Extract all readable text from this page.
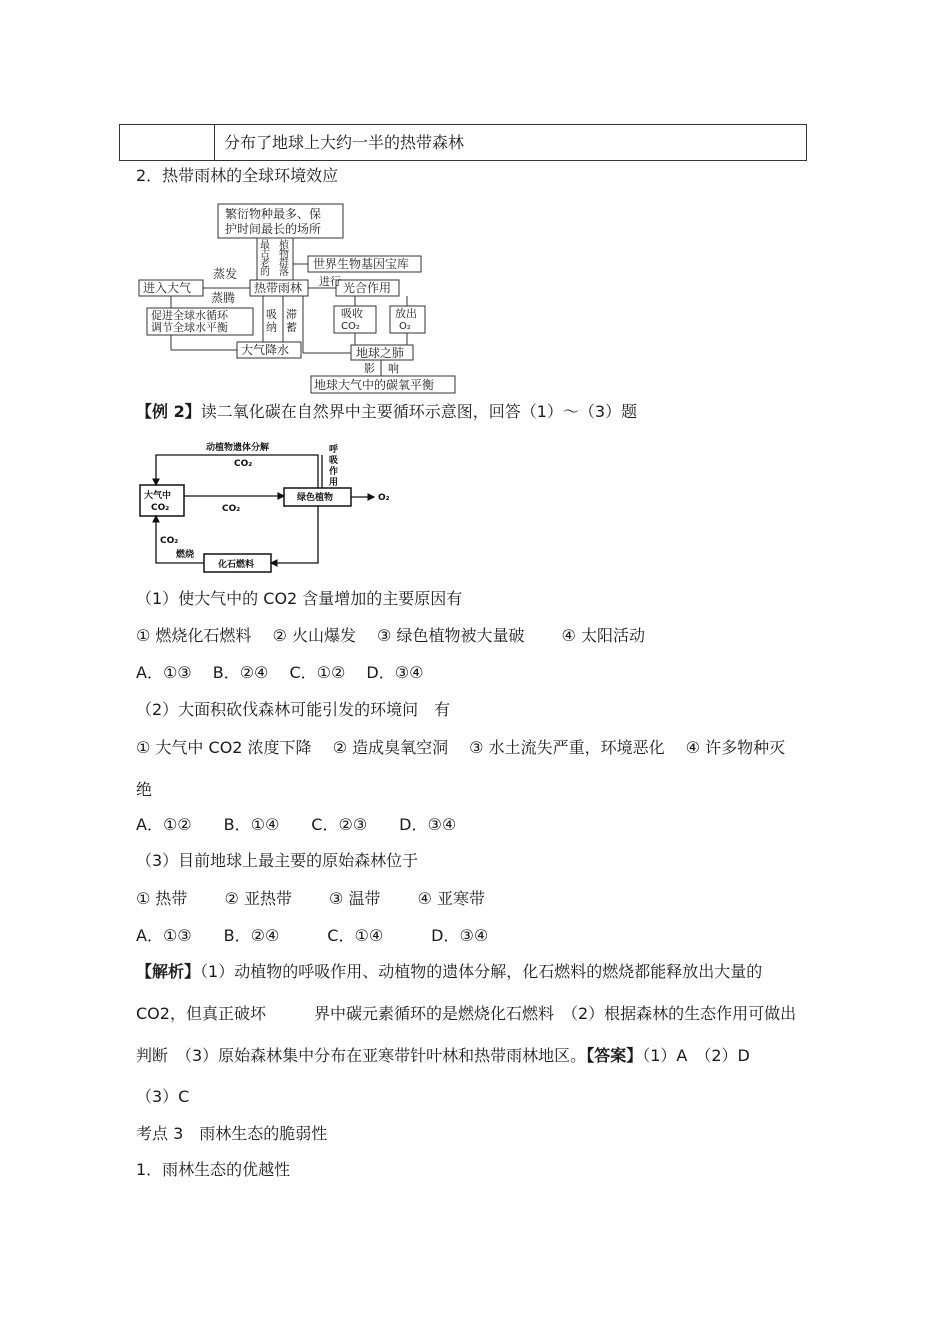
分布了地球上大约一半的热带森林
2．热带雨林的全球环境效应
繁衍物种最多、保
护时间最长的场所
最
古
老
的
植
物
群
落
世界生物基因宝库
蒸发
蒸腾
进入大气	热带雨林 进行 光合作用
促进全球水循环
调节全球水平衡
吸
纳
滞
蓄
吸收
CO₂
放出
O₂
大气降水	地球之肺
影 响
地球大气中的碳氧平衡
【例 2】读二氧化碳在自然界中主要循环示意图，回答（1）～（3）题
动植物遗体分解
CO₂
呼
吸
作
用
大气中
CO₂	CO₂
绿色植物	O₂
CO₂
燃烧
化石燃料
（1）使大气中的 CO2 含量增加的主要原因有
① 燃烧化石燃料　 ② 火山爆发　 ③ 绿色植物被大量破　　 ④ 太阳活动
A．①③　 B．②④　 C．①②　 D．③④
（2）大面积砍伐森林可能引发的环境问　有
① 大气中 CO2 浓度下降　 ② 造成臭氧空洞　 ③ 水土流失严重，环境恶化　 ④ 许多物种灭
绝
A．①②　　B．①④　　C．②③　　D．③④
（3）目前地球上最主要的原始森林位于
① 热带　　 ② 亚热带　　 ③ 温带　　 ④ 亚寒带
A．①③　　B．②④　　　C．①④　　　D．③④
【解析】（1）动植物的呼吸作用、动植物的遗体分解，化石燃料的燃烧都能释放出大量的
CO2，但真正破坏　　　界中碳元素循环的是燃烧化石燃料　（2）根据森林的生态作用可做出
判断　（3）原始森林集中分布在亚寒带针叶林和热带雨林地区。【答案】（1）A　（2）D
（3）C
考点 3　雨林生态的脆弱性
1．雨林生态的优越性
